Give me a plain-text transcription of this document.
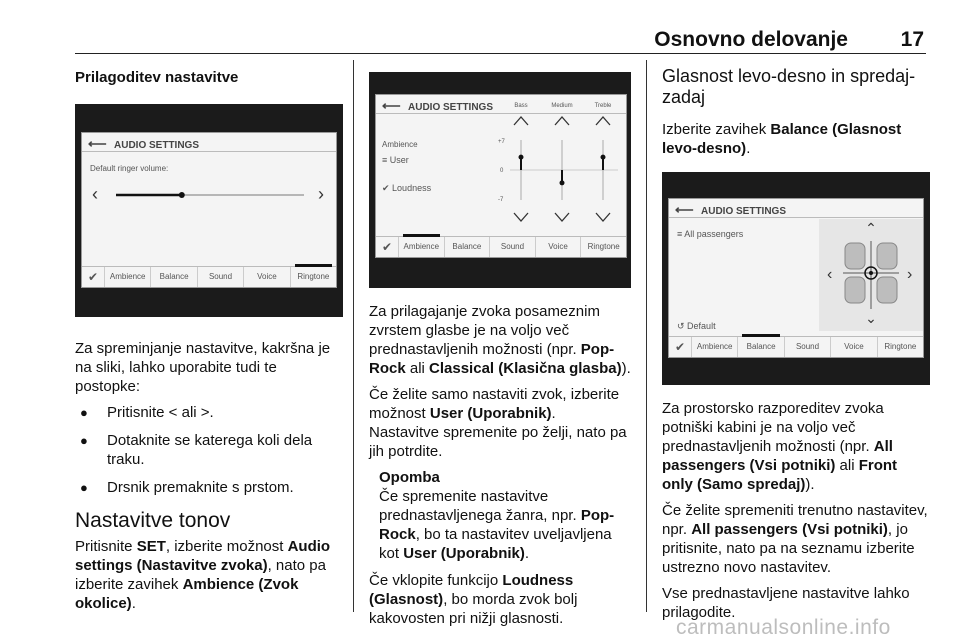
Osnovno delovanje	17
Prilagoditev nastavitve
⟵ AUDIO SETTINGS
Default ringer volume:
‹	›
✔	Ambience	Balance	Sound	Voice	Ringtone

Za spreminjanje nastavitve, kakršna je na sliki, lahko uporabite tudi te postopke:

● Pritisnite < ali >.
● Dotaknite se katerega koli dela traku.
● Drsnik premaknite s prstom.
Nastavitve tonov

Pritisnite SET, izberite možnost Audio settings (Nastavitve zvoka), nato pa izberite zavihek Ambience (Zvok okolice).

⟵ AUDIO SETTINGS
Ambience
≡ User
✔ Loudness
Bass	Medium	Treble
+7
0
-7
✔	Ambience	Balance	Sound	Voice	Ringtone

Za prilagajanje zvoka posameznim zvrstem glasbe je na voljo več prednastavljenih možnosti (npr. Pop-Rock ali Classical (Klasična glasba)).

Če želite samo nastaviti zvok, izberite možnost User (Uporabnik).

Nastavitve spremenite po želji, nato pa jih potrdite.

Opomba
Če spremenite nastavitve prednastavljenega žanra, npr. Pop-Rock, bo ta nastavitev uveljavljena kot User (Uporabnik).

Če vklopite funkcijo Loudness (Glasnost), bo morda zvok bolj kakovosten pri nižji glasnosti.

Glasnost levo-desno in spredaj-zadaj

Izberite zavihek Balance (Glasnost levo-desno).

⟵ AUDIO SETTINGS
≡ All passengers
↺ Default
⌃
‹	›
⌄
✔	Ambience	Balance	Sound	Voice	Ringtone

Za prostorsko razporeditev zvoka potniški kabini je na voljo več prednastavljenih možnosti (npr. All passengers (Vsi potniki) ali Front only (Samo spredaj)).

Če želite spremeniti trenutno nastavitev, npr. All passengers (Vsi potniki), jo pritisnite, nato pa na seznamu izberite ustrezno novo nastavitev.

Vse prednastavljene nastavitve lahko prilagodite.

carmanualsonline.info
